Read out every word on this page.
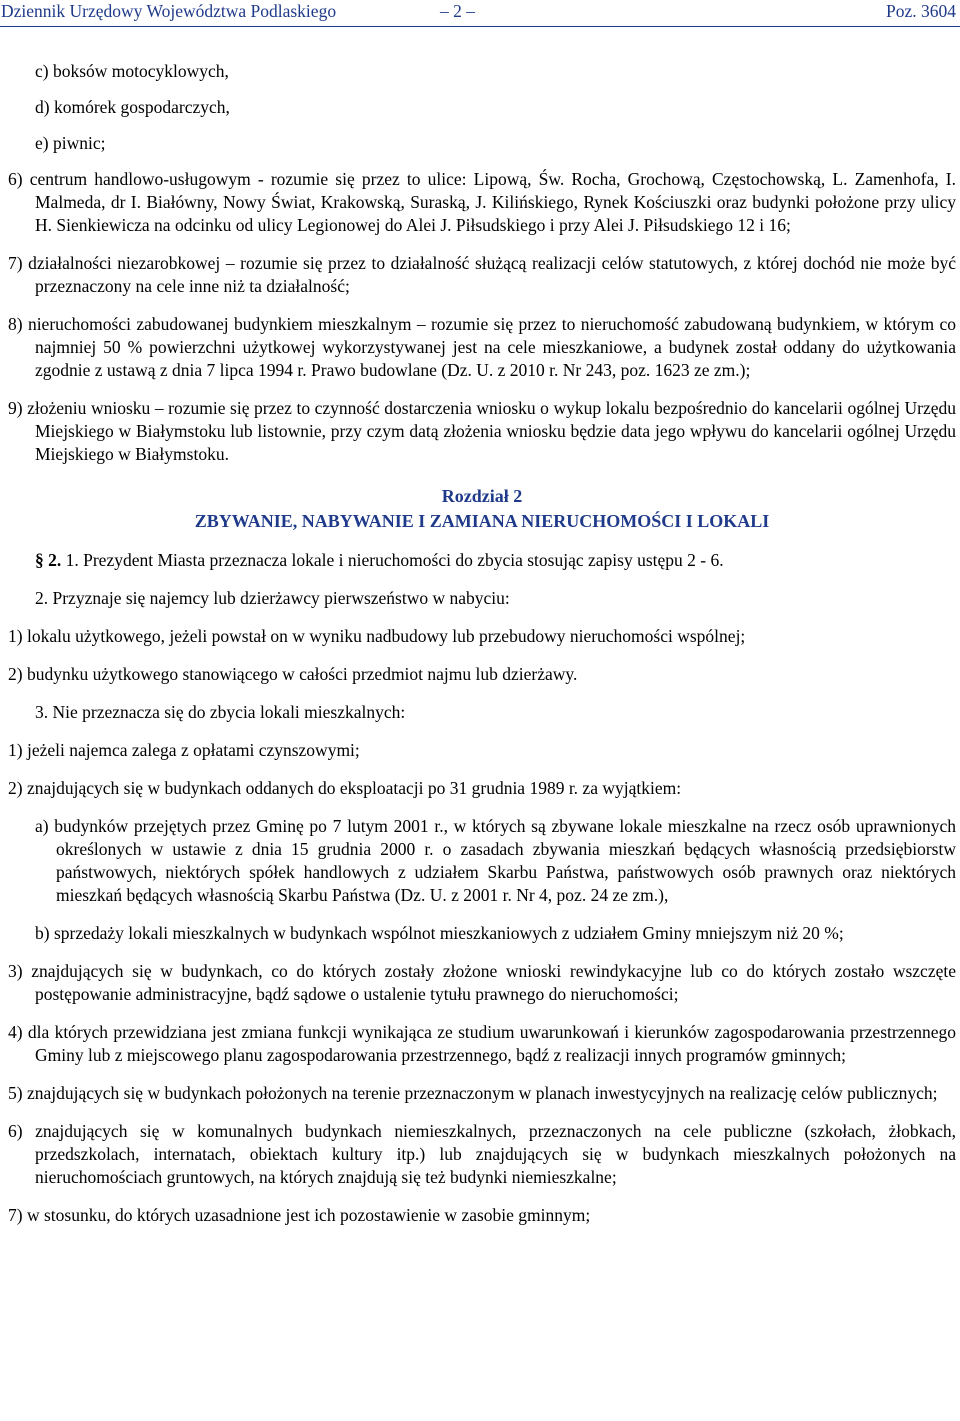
Dziennik Urzędowy Województwa Podlaskiego	– 2 –	Poz. 3604

c) boksów motocyklowych,

d) komórek gospodarczych,

e) piwnic;

6) centrum handlowo-usługowym - rozumie się przez to ulice: Lipową, Św. Rocha, Grochową, Częstochowską, L. Zamenhofa, I. Malmeda, dr I. Białówny, Nowy Świat, Krakowską, Suraską, J. Kilińskiego, Rynek Kościuszki oraz budynki położone przy ulicy H. Sienkiewicza na odcinku od ulicy Legionowej do Alei J. Piłsudskiego i przy Alei J. Piłsudskiego 12 i 16;

7) działalności niezarobkowej – rozumie się przez to działalność służącą realizacji celów statutowych, z której dochód nie może być przeznaczony na cele inne niż ta działalność;

8) nieruchomości zabudowanej budynkiem mieszkalnym – rozumie się przez to nieruchomość zabudowaną budynkiem, w którym co najmniej 50 % powierzchni użytkowej wykorzystywanej jest na cele mieszkaniowe, a budynek został oddany do użytkowania zgodnie z ustawą z dnia 7 lipca 1994 r. Prawo budowlane (Dz. U. z 2010 r. Nr 243, poz. 1623 ze zm.);

9) złożeniu wniosku – rozumie się przez to czynność dostarczenia wniosku o wykup lokalu bezpośrednio do kancelarii ogólnej Urzędu Miejskiego w Białymstoku lub listownie, przy czym datą złożenia wniosku będzie data jego wpływu do kancelarii ogólnej Urzędu Miejskiego w Białymstoku.

Rozdział 2

ZBYWANIE, NABYWANIE I ZAMIANA NIERUCHOMOŚCI I LOKALI

§ 2. 1. Prezydent Miasta przeznacza lokale i nieruchomości do zbycia stosując zapisy ustępu 2 - 6.

2. Przyznaje się najemcy lub dzierżawcy pierwszeństwo w nabyciu:

1) lokalu użytkowego, jeżeli powstał on w wyniku nadbudowy lub przebudowy nieruchomości wspólnej;

2) budynku użytkowego stanowiącego w całości przedmiot najmu lub dzierżawy.

3. Nie przeznacza się do zbycia lokali mieszkalnych:

1) jeżeli najemca zalega z opłatami czynszowymi;

2) znajdujących się w budynkach oddanych do eksploatacji po 31 grudnia 1989 r. za wyjątkiem:

a) budynków przejętych przez Gminę po 7 lutym 2001 r., w których są zbywane lokale mieszkalne na rzecz osób uprawnionych określonych w ustawie z dnia 15 grudnia 2000 r. o zasadach zbywania mieszkań będących własnością przedsiębiorstw państwowych, niektórych spółek handlowych z udziałem Skarbu Państwa, państwowych osób prawnych oraz niektórych mieszkań będących własnością Skarbu Państwa (Dz. U. z 2001 r. Nr 4, poz. 24 ze zm.),

b) sprzedaży lokali mieszkalnych w budynkach wspólnot mieszkaniowych z udziałem Gminy mniejszym niż 20 %;

3) znajdujących się w budynkach, co do których zostały złożone wnioski rewindykacyjne lub co do których zostało wszczęte postępowanie administracyjne, bądź sądowe o ustalenie tytułu prawnego do nieruchomości;

4) dla których przewidziana jest zmiana funkcji wynikająca ze studium uwarunkowań i kierunków zagospodarowania przestrzennego Gminy lub z miejscowego planu zagospodarowania przestrzennego, bądź z realizacji innych programów gminnych;

5) znajdujących się w budynkach położonych na terenie przeznaczonym w planach inwestycyjnych na realizację celów publicznych;

6) znajdujących się w komunalnych budynkach niemieszkalnych, przeznaczonych na cele publiczne (szkołach, żłobkach, przedszkolach, internatach, obiektach kultury itp.) lub znajdujących się w budynkach mieszkalnych położonych na nieruchomościach gruntowych, na których znajdują się też budynki niemieszkalne;

7) w stosunku, do których uzasadnione jest ich pozostawienie w zasobie gminnym;
